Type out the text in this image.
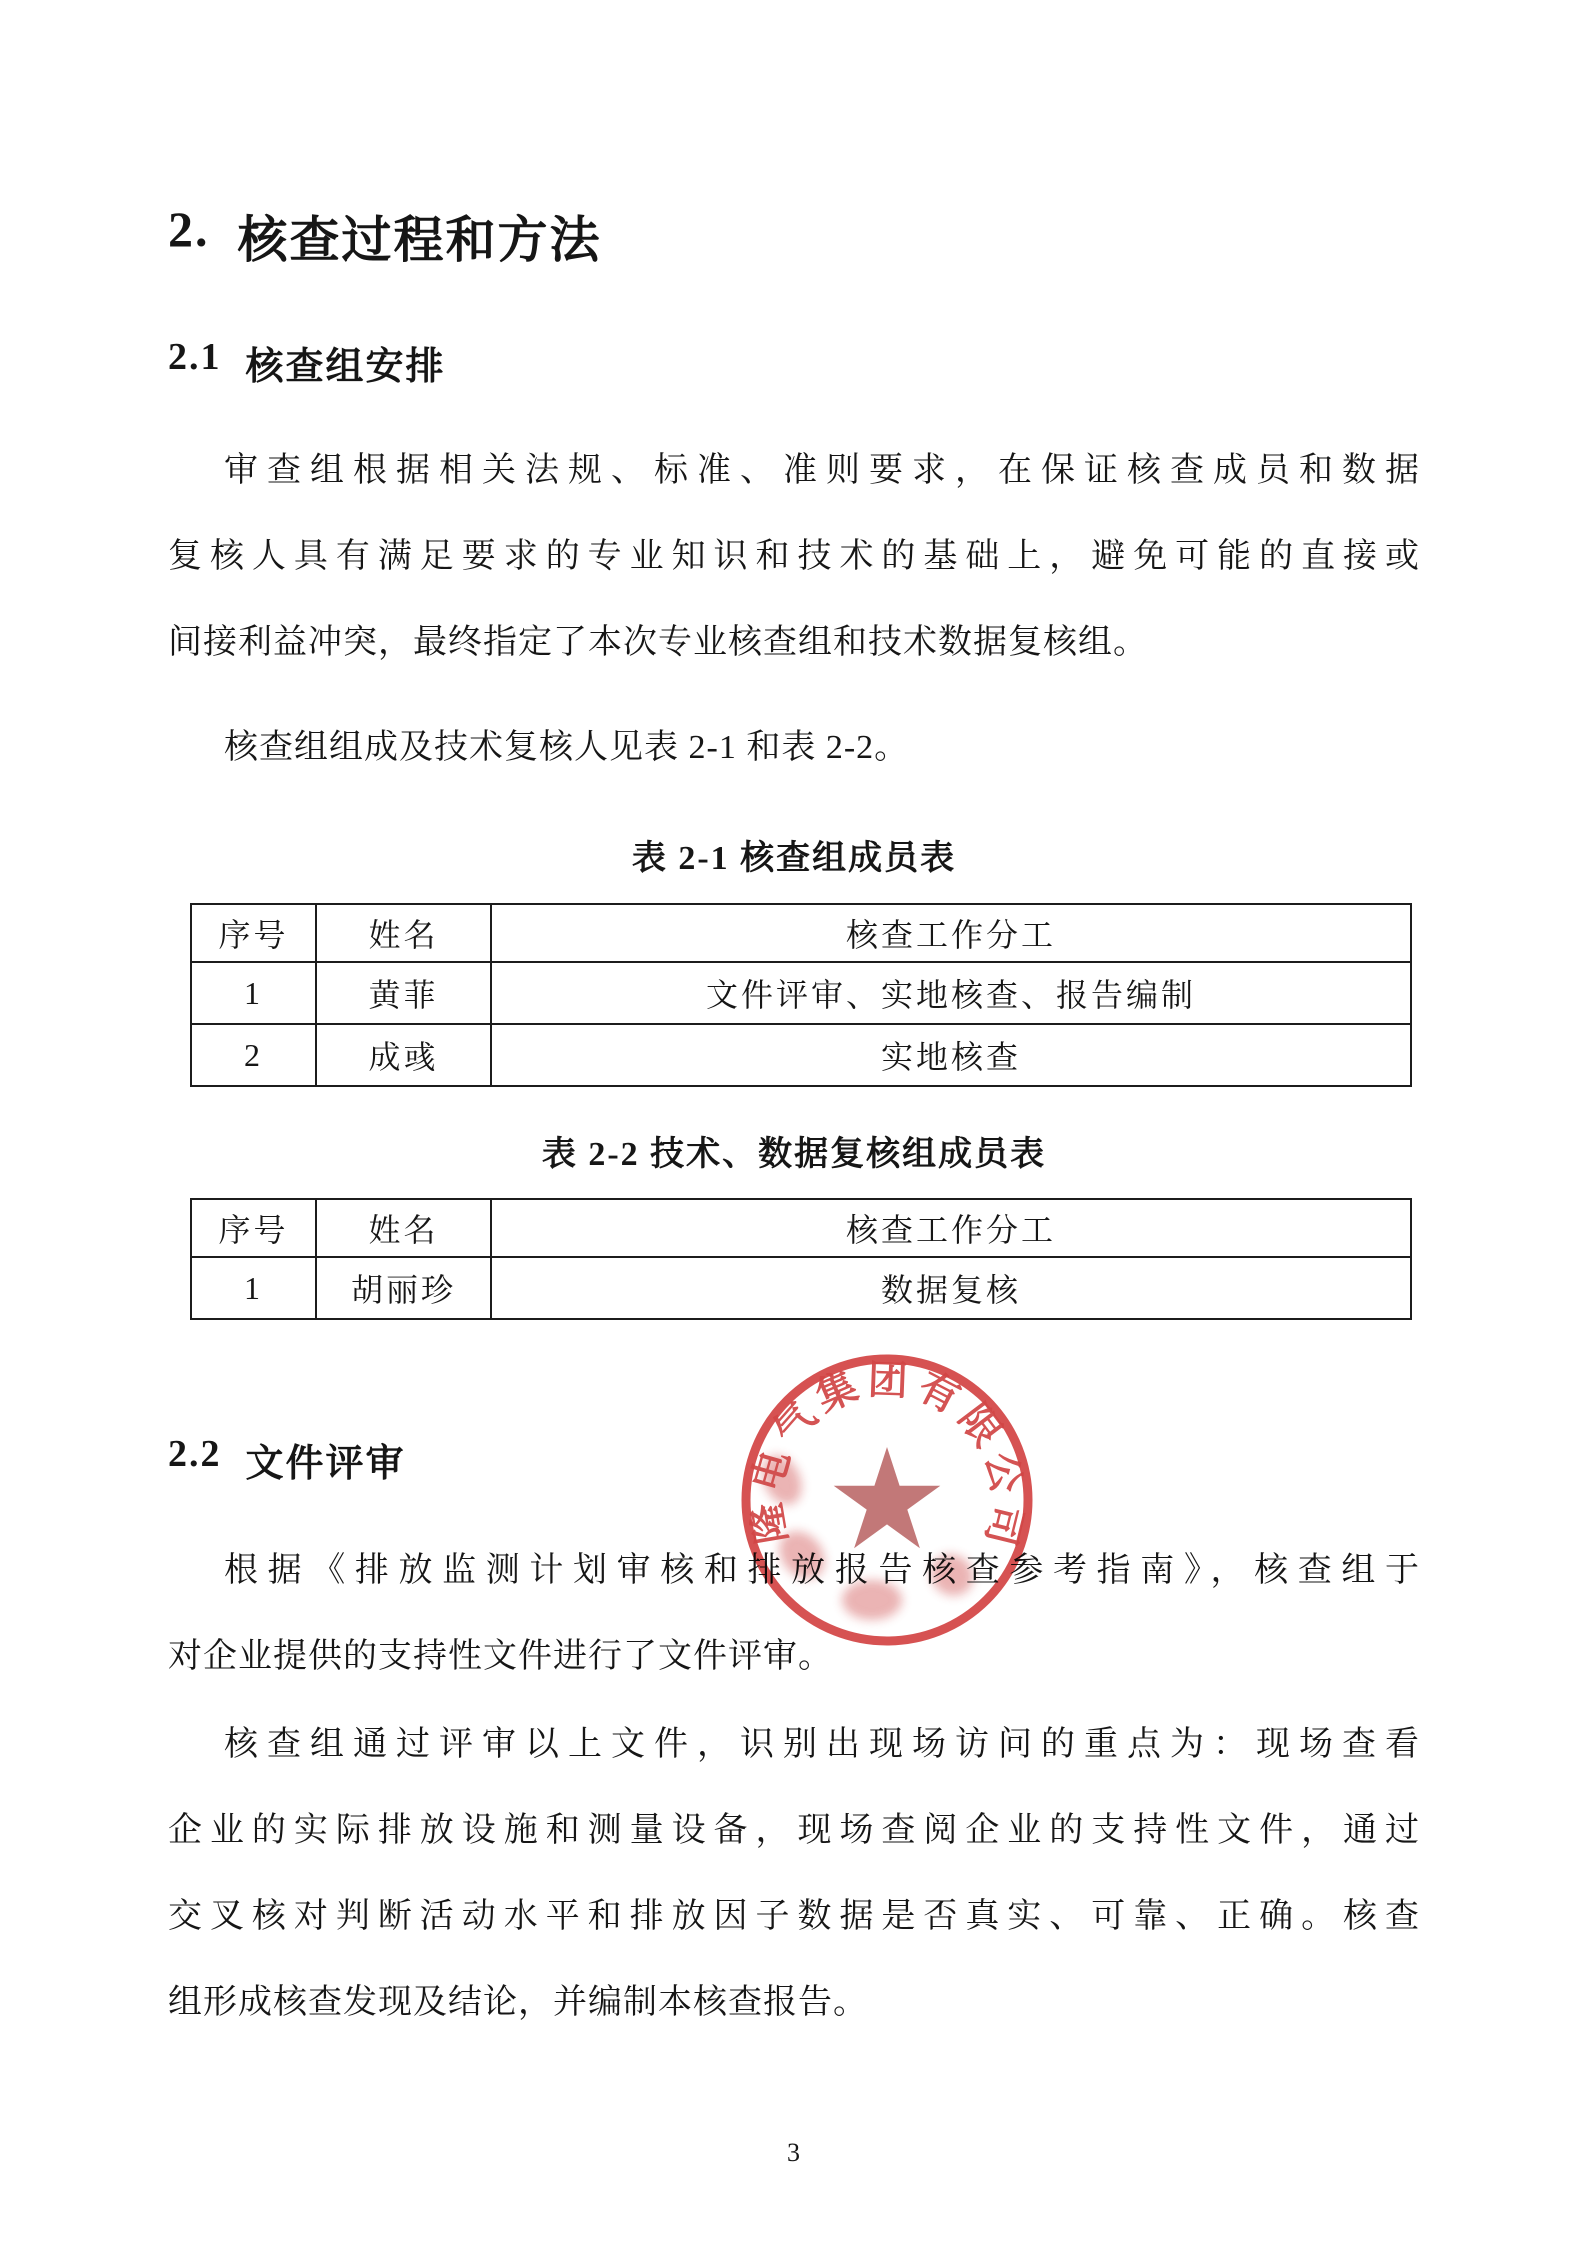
2. 核查过程和方法
2.1 核查组安排
审查组根据相关法规、标准、准则要求，在保证核查成员和数据
复核人具有满足要求的专业知识和技术的基础上，避免可能的直接或
间接利益冲突，最终指定了本次专业核查组和技术数据复核组。
核查组组成及技术复核人见表 2-1 和表 2-2。
表 2-1 核查组成员表
序号	姓名	核查工作分工
1	黄菲	文件评审、实地核查、报告编制
2	成彧	实地核查
表 2-2 技术、数据复核组成员表
序号	姓名	核查工作分工
1	胡丽珍	数据复核
2.2 文件评审
根据《排放监测计划审核和排放报告核查参考指南》，核查组于
对企业提供的支持性文件进行了文件评审。
核查组通过评审以上文件，识别出现场访问的重点为：现场查看
企业的实际排放设施和测量设备，现场查阅企业的支持性文件，通过
交叉核对判断活动水平和排放因子数据是否真实、可靠、正确。核查
组形成核查发现及结论，并编制本核查报告。
隆电气集团有限公司
3
